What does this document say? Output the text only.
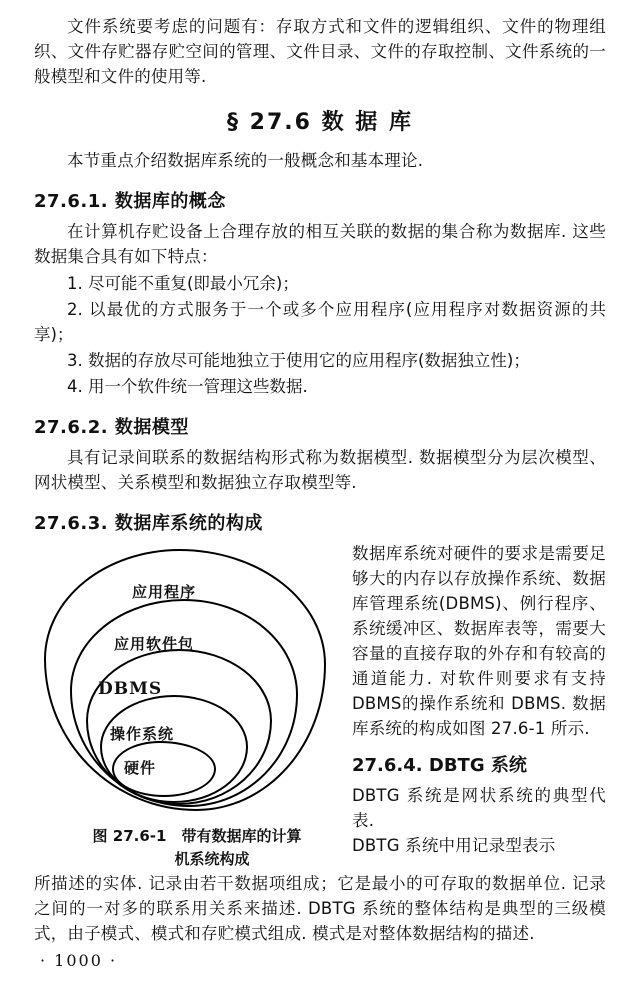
文件系统要考虑的问题有：存取方式和文件的逻辑组织、文件的物理组织、文件存贮器存贮空间的管理、文件目录、文件的存取控制、文件系统的一般模型和文件的使用等.

§ 27.6 数 据 库

本节重点介绍数据库系统的一般概念和基本理论.

27.6.1. 数据库的概念

在计算机存贮设备上合理存放的相互关联的数据的集合称为数据库. 这些数据集合具有如下特点：

1. 尽可能不重复(即最小冗余)；
2. 以最优的方式服务于一个或多个应用程序(应用程序对数据资源的共享)；
3. 数据的存放尽可能地独立于使用它的应用程序(数据独立性)；
4. 用一个软件统一管理这些数据.
27.6.2. 数据模型

具有记录间联系的数据结构形式称为数据模型. 数据模型分为层次模型、网状模型、关系模型和数据独立存取模型等.

27.6.3. 数据库系统的构成
应用程序
应用软件包
DBMS
操作系统
硬件
图 27.6-1　带有数据库的计算
机系统构成

数据库系统对硬件的要求是需要足够大的内存以存放操作系统、数据库管理系统(DBMS)、例行程序、系统缓冲区、数据库表等，需要大容量的直接存取的外存和有较高的通道能力. 对软件则要求有支持DBMS的操作系统和 DBMS. 数据库系统的构成如图 27.6-1 所示.

27.6.4. DBTG 系统

DBTG 系统是网状系统的典型代表.

DBTG 系统中用记录型表示

所描述的实体. 记录由若干数据项组成；它是最小的可存取的数据单位. 记录之间的一对多的联系用关系来描述. DBTG 系统的整体结构是典型的三级模式，由子模式、模式和存贮模式组成. 模式是对整体数据结构的描述.

· 1000 ·
